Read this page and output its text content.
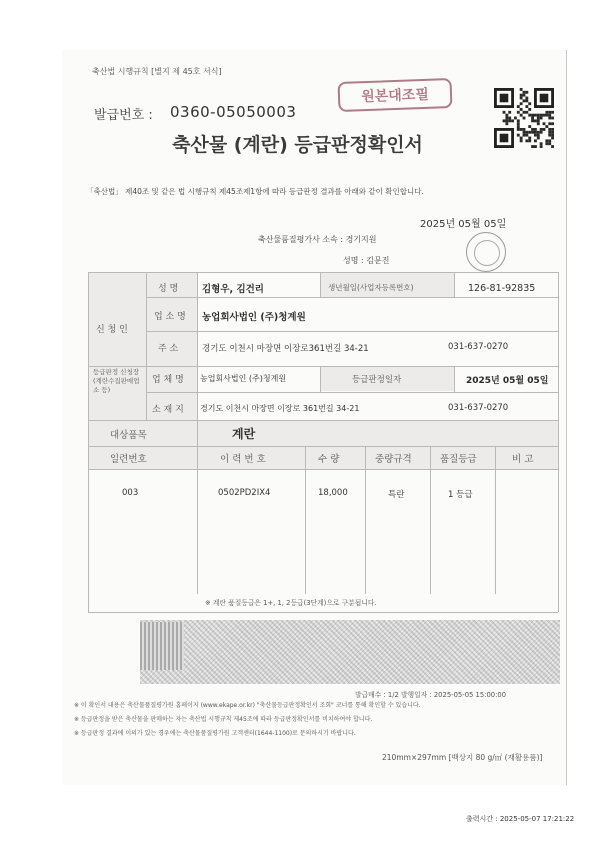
축산법 시행규칙 [별지 제 45호 서식]
발급번호 : 0360-05050003
원본대조필
축산물 (계란) 등급판정확인서
「축산법」 제40조 및 같은 법 시행규칙 제45조제1항에 따라 등급판정 결과를 아래와 같이 확인합니다.
2025년 05월 05일
축산물품질평가사 소속 : 경기지원
성명 : 김문진
신 청 인
성 명	김형우, 김건리	생년월일(사업자등록번호)	126-81-92835
업 소 명 농업회사법인 (주)청계원
주 소	경기도 이천시 마장면 이장로361번길 34-21	031-637-0270
등급판정 신청장 (계란수집판매업소 등)
업 체 명 농업회사법인 (주)청계원	등급판정일자	2025년 05월 05일
소 재 지 경기도 이천시 마장면 이장로 361번길 34-21	031-637-0270
대상품목	계란
일련번호	이 력 번 호	수 량	중량규격	품질등급	비 고
003	0502PD2IX4	18,000	특란	1 등급
※ 계란 품질등급은 1+, 1, 2등급(3단계)으로 구분됩니다.
발급매수 : 1/2 발행일자 : 2025-05-05 15:00:00
※ 이 확인서 내용은 축산물품질평가원 홈페이지 (www.ekape.or.kr) "축산물등급판정확인서 조회" 코너를 통해 확인할 수 있습니다.
※ 등급판정을 받은 축산물을 판매하는 자는 축산법 시행규칙 제45조에 따라 등급판정확인서를 비치하여야 합니다.
※ 등급판정 결과에 이의가 있는 경우에는 축산물품질평가원 고객센터(1644-1100)로 문의하시기 바랍니다.
210mm×297mm [백상지 80 g/㎡ (재활용품)]
출력시간 : 2025-05-07 17:21:22
